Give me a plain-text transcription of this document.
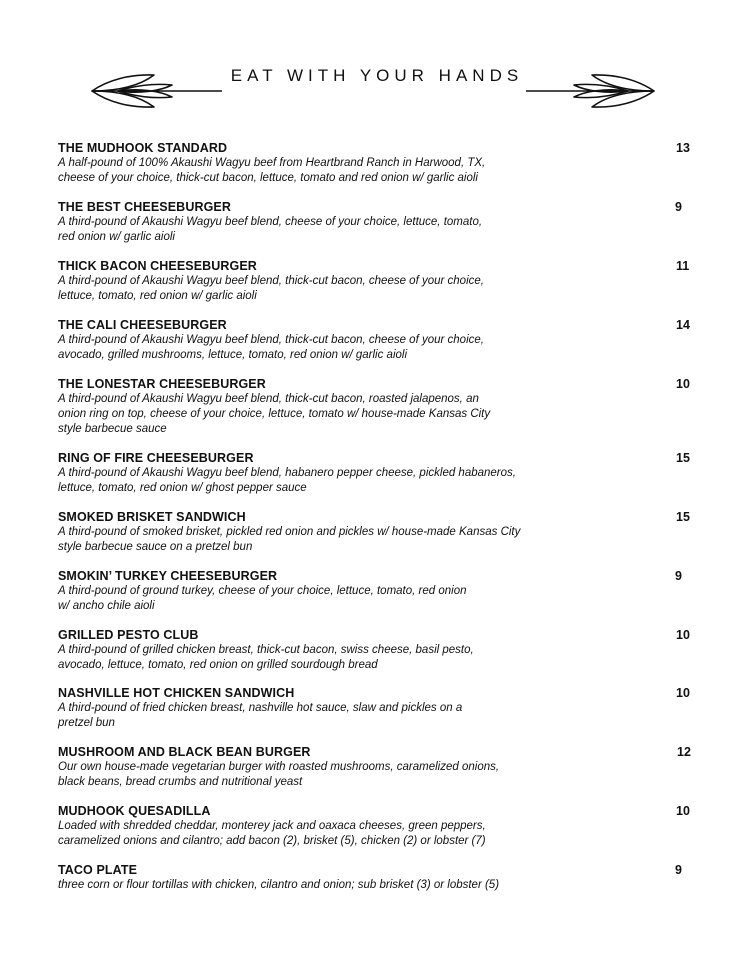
EAT WITH YOUR HANDS
THE MUDHOOK STANDARD	13
A half-pound of 100% Akaushi Wagyu beef from Heartbrand Ranch in Harwood, TX,
cheese of your choice, thick-cut bacon, lettuce, tomato and red onion w/ garlic aioli
THE BEST CHEESEBURGER	9
A third-pound of Akaushi Wagyu beef blend, cheese of your choice, lettuce, tomato,
red onion w/ garlic aioli
THICK BACON CHEESEBURGER	11
A third-pound of Akaushi Wagyu beef blend, thick-cut bacon, cheese of your choice,
lettuce, tomato, red onion w/ garlic aioli
THE CALI CHEESEBURGER	14
A third-pound of Akaushi Wagyu beef blend, thick-cut bacon, cheese of your choice,
avocado, grilled mushrooms, lettuce, tomato, red onion w/ garlic aioli
THE LONESTAR CHEESEBURGER	10
A third-pound of Akaushi Wagyu beef blend, thick-cut bacon, roasted jalapenos, an
onion ring on top, cheese of your choice, lettuce, tomato w/ house-made Kansas City
style barbecue sauce
RING OF FIRE CHEESEBURGER	15
A third-pound of Akaushi Wagyu beef blend, habanero pepper cheese, pickled habaneros,
lettuce, tomato, red onion w/ ghost pepper sauce
SMOKED BRISKET SANDWICH	15
A third-pound of smoked brisket, pickled red onion and pickles w/ house-made Kansas City
style barbecue sauce on a pretzel bun
SMOKIN’ TURKEY CHEESEBURGER	9
A third-pound of ground turkey, cheese of your choice, lettuce, tomato, red onion
w/ ancho chile aioli
GRILLED PESTO CLUB	10
A third-pound of grilled chicken breast, thick-cut bacon, swiss cheese, basil pesto,
avocado, lettuce, tomato, red onion on grilled sourdough bread
NASHVILLE HOT CHICKEN SANDWICH	10
A third-pound of fried chicken breast, nashville hot sauce, slaw and pickles on a
pretzel bun
MUSHROOM AND BLACK BEAN BURGER	12
Our own house-made vegetarian burger with roasted mushrooms, caramelized onions,
black beans, bread crumbs and nutritional yeast
MUDHOOK QUESADILLA	10
Loaded with shredded cheddar, monterey jack and oaxaca cheeses, green peppers,
caramelized onions and cilantro; add bacon (2), brisket (5), chicken (2) or lobster (7)
TACO PLATE	9
three corn or flour tortillas with chicken, cilantro and onion; sub brisket (3) or lobster (5)
